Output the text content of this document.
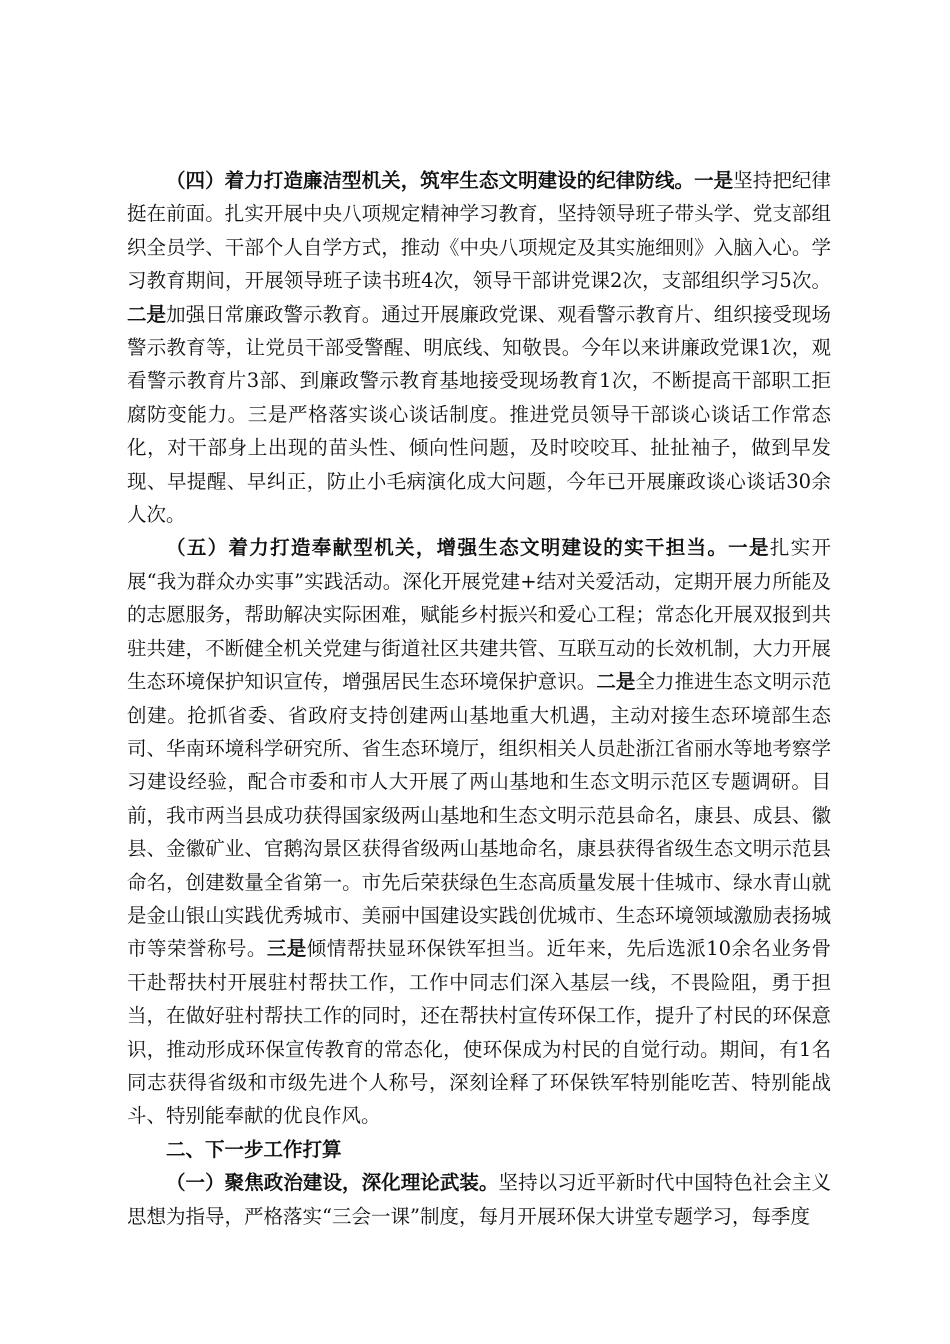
（四）着力打造廉洁型机关，筑牢生态文明建设的纪律防线。一是坚持把纪律挺在前面。扎实开展中央八项规定精神学习教育，坚持领导班子带头学、党支部组织全员学、干部个人自学方式，推动《中央八项规定及其实施细则》入脑入心。学习教育期间，开展领导班子读书班4次，领导干部讲党课2次，支部组织学习5次。二是加强日常廉政警示教育。通过开展廉政党课、观看警示教育片、组织接受现场警示教育等，让党员干部受警醒、明底线、知敬畏。今年以来讲廉政党课1次，观看警示教育片3部、到廉政警示教育基地接受现场教育1次，不断提高干部职工拒腐防变能力。三是严格落实谈心谈话制度。推进党员领导干部谈心谈话工作常态化，对干部身上出现的苗头性、倾向性问题，及时咬咬耳、扯扯袖子，做到早发现、早提醒、早纠正，防止小毛病演化成大问题，今年已开展廉政谈心谈话30余人次。

（五）着力打造奉献型机关，增强生态文明建设的实干担当。一是扎实开展“我为群众办实事”实践活动。深化开展党建+结对关爱活动，定期开展力所能及的志愿服务，帮助解决实际困难，赋能乡村振兴和爱心工程；常态化开展双报到共驻共建，不断健全机关党建与街道社区共建共管、互联互动的长效机制，大力开展生态环境保护知识宣传，增强居民生态环境保护意识。二是全力推进生态文明示范创建。抢抓省委、省政府支持创建两山基地重大机遇，主动对接生态环境部生态司、华南环境科学研究所、省生态环境厅，组织相关人员赴浙江省丽水等地考察学习建设经验，配合市委和市人大开展了两山基地和生态文明示范区专题调研。目前，我市两当县成功获得国家级两山基地和生态文明示范县命名，康县、成县、徽县、金徽矿业、官鹅沟景区获得省级两山基地命名，康县获得省级生态文明示范县命名，创建数量全省第一。市先后荣获绿色生态高质量发展十佳城市、绿水青山就是金山银山实践优秀城市、美丽中国建设实践创优城市、生态环境领域激励表扬城市等荣誉称号。三是倾情帮扶显环保铁军担当。近年来，先后选派10余名业务骨干赴帮扶村开展驻村帮扶工作，工作中同志们深入基层一线，不畏险阻，勇于担当，在做好驻村帮扶工作的同时，还在帮扶村宣传环保工作，提升了村民的环保意识，推动形成环保宣传教育的常态化，使环保成为村民的自觉行动。期间，有1名同志获得省级和市级先进个人称号，深刻诠释了环保铁军特别能吃苦、特别能战斗、特别能奉献的优良作风。

二、下一步工作打算

（一）聚焦政治建设，深化理论武装。坚持以习近平新时代中国特色社会主义思想为指导，严格落实“三会一课”制度，每月开展环保大讲堂专题学习，每季度
